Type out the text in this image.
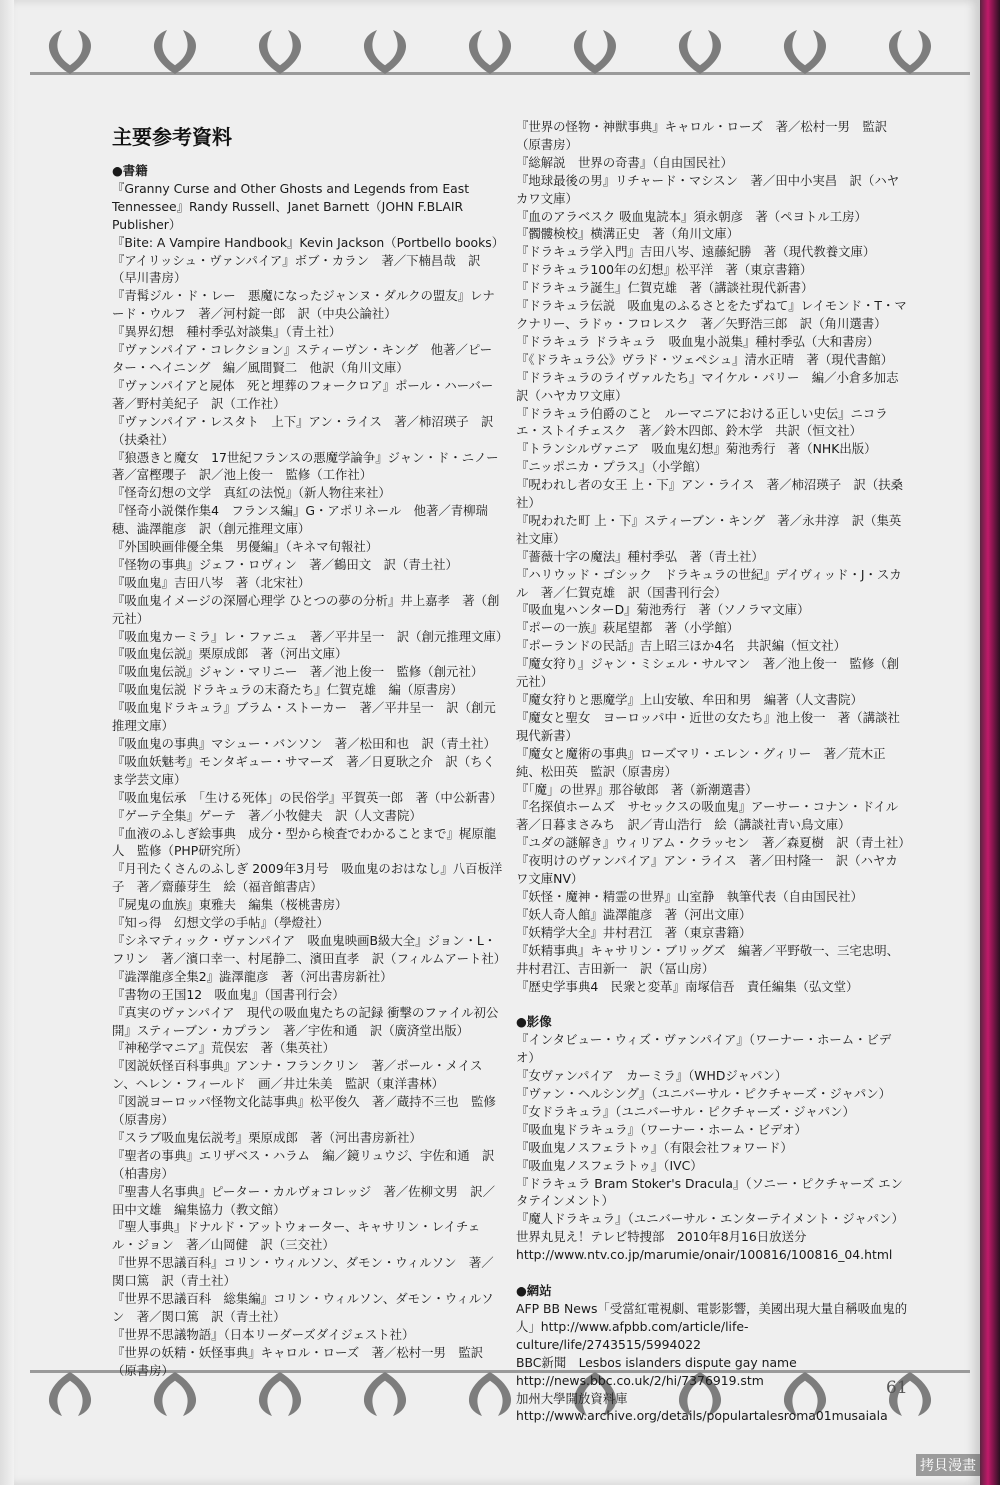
主要参考資料
●書籍
『Granny Curse and Other Ghosts and Legends from East Tennessee』Randy Russell、Janet Barnett（JOHN F.BLAIR Publisher）
『Bite: A Vampire Handbook』Kevin Jackson（Portbello books）
『アイリッシュ・ヴァンパイア』ボブ・カラン　著／下楠昌哉　訳（早川書房）
『青髯ジル・ド・レー　悪魔になったジャンヌ・ダルクの盟友』レナード・ウルフ　著／河村錠一郎　訳（中央公論社）
『異界幻想　種村季弘対談集』（青土社）
『ヴァンパイア・コレクション』スティーヴン・キング　他著／ピーター・ヘイニング　編／風間賢二　他訳（角川文庫）
『ヴァンパイアと屍体　死と埋葬のフォークロア』ポール・ハーバー　著／野村美紀子　訳（工作社）
『ヴァンパイア・レスタト　上下』アン・ライス　著／柿沼瑛子　訳（扶桑社）
『狼憑きと魔女　17世紀フランスの悪魔学論争』ジャン・ド・ニノー　著／富樫瓔子　訳／池上俊一　監修（工作社）
『怪奇幻想の文学　真紅の法悦』（新人物往来社）
『怪奇小説傑作集4　フランス編』G・アポリネール　他著／青柳瑞穂、澁澤龍彦　訳（創元推理文庫）
『外国映画俳優全集　男優編』（キネマ旬報社）
『怪物の事典』ジェフ・ロヴィン　著／鶴田文　訳（青土社）
『吸血鬼』吉田八岑　著（北宋社）
『吸血鬼イメージの深層心理学 ひとつの夢の分析』井上嘉孝　著（創元社）
『吸血鬼カーミラ』レ・ファニュ　著／平井呈一　訳（創元推理文庫）
『吸血鬼伝説』栗原成郎　著（河出文庫）
『吸血鬼伝説』ジャン・マリニー　著／池上俊一　監修（創元社）
『吸血鬼伝説 ドラキュラの末裔たち』仁賀克雄　編（原書房）
『吸血鬼ドラキュラ』ブラム・ストーカー　著／平井呈一　訳（創元推理文庫）
『吸血鬼の事典』マシュー・バンソン　著／松田和也　訳（青土社）
『吸血妖魅考』モンタギュー・サマーズ　著／日夏耿之介　訳（ちくま学芸文庫）
『吸血鬼伝承　「生ける死体」の民俗学』平賀英一郎　著（中公新書）
『ゲーテ全集』ゲーテ　著／小牧健夫　訳（人文書院）
『血液のふしぎ絵事典　成分・型から検査でわかることまで』梶原龍人　監修（PHP研究所）
『月刊たくさんのふしぎ 2009年3月号　吸血鬼のおはなし』八百板洋子　著／齋藤芽生　絵（福音館書店）
『屍鬼の血族』東雅夫　編集（桜桃書房）
『知っ得　幻想文学の手帖』（學燈社）
『シネマティック・ヴァンパイア　吸血鬼映画B級大全』ジョン・L・フリン　著／濱口幸一、村尾静二、濱田直孝　訳（フィルムアート社）
『澁澤龍彦全集2』澁澤龍彦　著（河出書房新社）
『書物の王国12　吸血鬼』（国書刊行会）
『真実のヴァンパイア　現代の吸血鬼たちの記録 衝撃のファイル初公開』スティーブン・カプラン　著／宇佐和通　訳（廣済堂出版）
『神秘学マニア』荒俣宏　著（集英社）
『図説妖怪百科事典』アンナ・フランクリン　著／ポール・メイスン、ヘレン・フィールド　画／井辻朱美　監訳（東洋書林）
『図説ヨーロッパ怪物文化誌事典』松平俊久　著／蔵持不三也　監修（原書房）
『スラブ吸血鬼伝説考』栗原成郎　著（河出書房新社）
『聖者の事典』エリザベス・ハラム　編／鏡リュウジ、宇佐和通　訳（柏書房）
『聖書人名事典』ピーター・カルヴォコレッジ　著／佐柳文男　訳／田中文雄　編集協力（教文館）
『聖人事典』ドナルド・アットウォーター、キャサリン・レイチェル・ジョン　著／山岡健　訳（三交社）
『世界不思議百科』コリン・ウィルソン、ダモン・ウィルソン　著／関口篤　訳（青土社）
『世界不思議百科　総集編』コリン・ウィルソン、ダモン・ウィルソン　著／関口篤　訳（青土社）
『世界不思議物語』（日本リーダーズダイジェスト社）
『世界の妖精・妖怪事典』キャロル・ローズ　著／松村一男　監訳（原書房）
『世界の怪物・神獣事典』キャロル・ローズ　著／松村一男　監訳（原書房）
『総解説　世界の奇書』（自由国民社）
『地球最後の男』リチャード・マシスン　著／田中小実昌　訳（ハヤカワ文庫）
『血のアラベスク 吸血鬼読本』須永朝彦　著（ペヨトル工房）
『髑髏検校』横溝正史　著（角川文庫）
『ドラキュラ学入門』吉田八岑、遠藤紀勝　著（現代教養文庫）
『ドラキュラ100年の幻想』松平洋　著（東京書籍）
『ドラキュラ誕生』仁賀克雄　著（講談社現代新書）
『ドラキュラ伝説　吸血鬼のふるさとをたずねて』レイモンド・T・マクナリー、ラドゥ・フロレスク　著／矢野浩三郎　訳（角川選書）
『ドラキュラ ドラキュラ　吸血鬼小説集』種村季弘（大和書房）
『《ドラキュラ公》ヴラド・ツェペシュ』清水正晴　著（現代書館）
『ドラキュラのライヴァルたち』マイケル・パリー　編／小倉多加志　訳（ハヤカワ文庫）
『ドラキュラ伯爵のこと　ルーマニアにおける正しい史伝』ニコラエ・ストイチェスク　著／鈴木四郎、鈴木学　共訳（恒文社）
『トランシルヴァニア　吸血鬼幻想』菊池秀行　著（NHK出版）
『ニッポニカ・プラス』（小学館）
『呪われし者の女王 上・下』アン・ライス　著／柿沼瑛子　訳（扶桑社）
『呪われた町 上・下』スティーブン・キング　著／永井淳　訳（集英社文庫）
『薔薇十字の魔法』種村季弘　著（青土社）
『ハリウッド・ゴシック　ドラキュラの世紀』デイヴィッド・J・スカル　著／仁賀克雄　訳（国書刊行会）
『吸血鬼ハンターD』菊池秀行　著（ソノラマ文庫）
『ポーの一族』萩尾望都　著（小学館）
『ポーランドの民話』吉上昭三ほか4名　共訳編（恒文社）
『魔女狩り』ジャン・ミシェル・サルマン　著／池上俊一　監修（創元社）
『魔女狩りと悪魔学』上山安敏、牟田和男　編著（人文書院）
『魔女と聖女　ヨーロッパ中・近世の女たち』池上俊一　著（講談社現代新書）
『魔女と魔術の事典』ローズマリ・エレン・グィリー　著／荒木正純、松田英　監訳（原書房）
『「魔」の世界』那谷敏郎　著（新潮選書）
『名探偵ホームズ　サセックスの吸血鬼』アーサー・コナン・ドイル　著／日暮まさみち　訳／青山浩行　絵（講談社青い鳥文庫）
『ユダの謎解き』ウィリアム・クラッセン　著／森夏樹　訳（青土社）
『夜明けのヴァンパイア』アン・ライス　著／田村隆一　訳（ハヤカワ文庫NV）
『妖怪・魔神・精霊の世界』山室静　執筆代表（自由国民社）
『妖人奇人館』澁澤龍彦　著（河出文庫）
『妖精学大全』井村君江　著（東京書籍）
『妖精事典』キャサリン・ブリッグズ　編著／平野敬一、三宅忠明、井村君江、吉田新一　訳（冨山房）
『歴史学事典4　民衆と変革』南塚信吾　責任編集（弘文堂）
●影像
『インタビュー・ウィズ・ヴァンパイア』（ワーナー・ホーム・ビデオ）
『女ヴァンパイア　カーミラ』（WHDジャパン）
『ヴァン・ヘルシング』（ユニバーサル・ピクチャーズ・ジャパン）
『女ドラキュラ』（ユニバーサル・ピクチャーズ・ジャパン）
『吸血鬼ドラキュラ』（ワーナー・ホーム・ビデオ）
『吸血鬼ノスフェラトゥ』（有限会社フォワード）
『吸血鬼ノスフェラトゥ』（IVC）
『ドラキュラ Bram Stoker's Dracula』（ソニー・ピクチャーズ エンタテインメント）
『魔人ドラキュラ』（ユニバーサル・エンターテイメント・ジャパン）
世界丸見え！テレビ特捜部　2010年8月16日放送分　http://www.ntv.co.jp/marumie/onair/100816/100816_04.html
●網站
AFP BB News「受當紅電視劇、電影影響，美國出現大量自稱吸血鬼的人」http://www.afpbb.com/article/life-culture/life/2743515/5994022
BBC新聞　Lesbos islanders dispute gay name　http://news.bbc.co.uk/2/hi/7376919.stm
加州大學開放資料庫　http://www.archive.org/details/populartalesroma01musaiala
61
拷貝漫畫
